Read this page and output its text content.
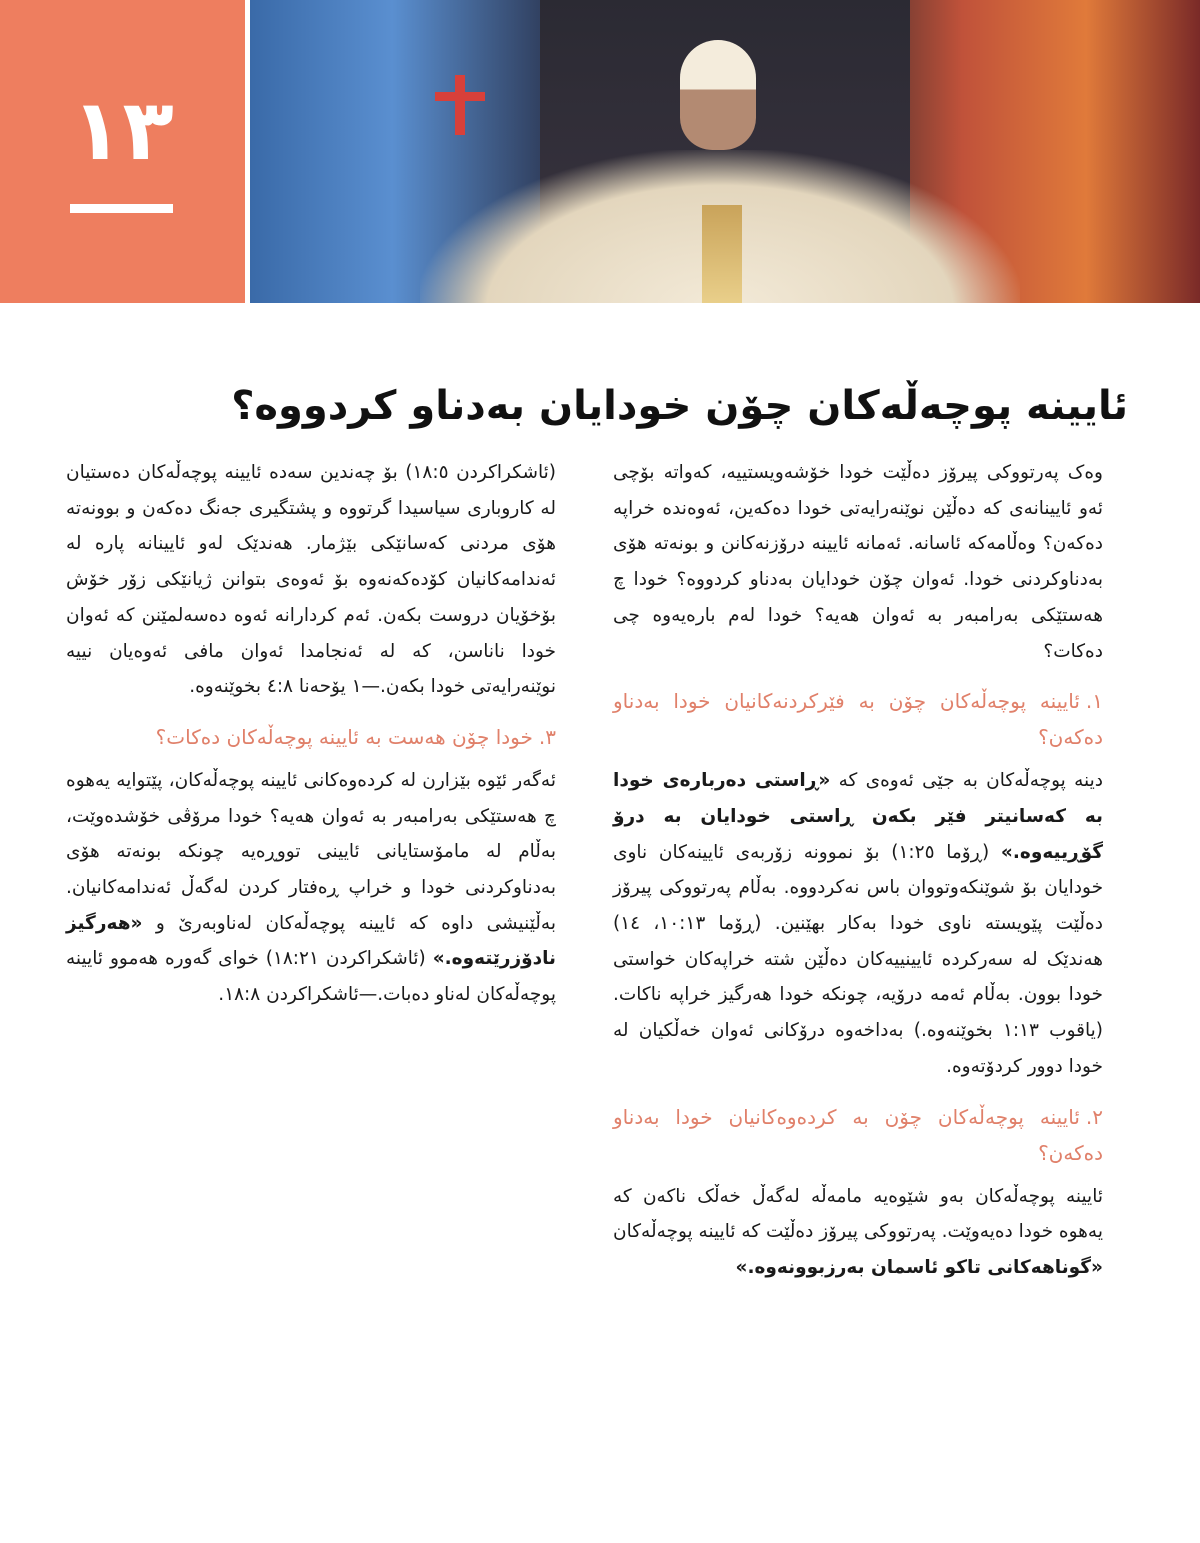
١٣
ئایینە پوچەڵەکان چۆن خودایان بەدناو کردووە؟

وەک پەرتووکی پیرۆز دەڵێت خودا خۆشەویستییە، کەواتە بۆچی ئەو ئایینانەی کە دەڵێن نوێنەرایەتی خودا دەکەین، ئەوەندە خراپە دەکەن؟ وەڵامەکە ئاسانە. ئەمانە ئایینە درۆزنەکانن و بونەتە هۆی بەدناوکردنی خودا. ئەوان چۆن خودایان بەدناو کردووە؟ خودا چ هەستێکی بەرامبەر بە ئەوان هەیە؟ خودا لەم بارەیەوە چی دەکات؟

١.ئایینە پوچەڵەکان چۆن بە فێرکردنەکانیان خودا بەدناو دەکەن؟

دینە پوچەڵەکان بە جێی ئەوەی کە «ڕاستی دەربارەی خودا بە کەسانیتر فێر بکەن ڕاستی خودایان بە درۆ گۆڕییەوە.» (ڕۆما ١:٢٥) بۆ نموونە زۆربەی ئایینەکان ناوی خودایان بۆ شوێنکەوتووان باس نەکردووە. بەڵام پەرتووکی پیرۆز دەڵێت پێویستە ناوی خودا بەکار بهێنین. (ڕۆما ١٠:١٣، ١٤) هەندێک لە سەرکردە ئایینییەکان دەڵێن شتە خراپەکان خواستی خودا بوون. بەڵام ئەمە درۆیە، چونکە خودا هەرگیز خراپە ناکات. (یاقوب ١:١٣ بخوێنەوە.) بەداخەوە درۆکانی ئەوان خەڵکیان لە خودا دوور کردۆتەوە.

٢.ئایینە پوچەڵەکان چۆن بە کردەوەکانیان خودا بەدناو دەکەن؟

ئایینە پوچەڵەکان بەو شێوەیە مامەڵە لەگەڵ خەڵک ناکەن کە یەهوە خودا دەیەوێت. پەرتووکی پیرۆز دەڵێت کە ئایینە پوچەڵەکان «گوناهەکانی تاکو ئاسمان بەرزبوونەوە.»

(ئاشکراکردن ١٨:٥) بۆ چەندین سەدە ئایینە پوچەڵەکان دەستیان لە کاروباری سیاسیدا گرتووە و پشتگیری جەنگ دەکەن و بوونەتە هۆی مردنی کەسانێکی بێژمار. هەندێک لەو ئایینانە پارە لە ئەندامەکانیان کۆدەکەنەوە بۆ ئەوەی بتوانن ژیانێکی زۆر خۆش بۆخۆیان دروست بکەن. ئەم کردارانە ئەوە دەسەلمێنن کە ئەوان خودا ناناسن، کە لە ئەنجامدا ئەوان مافی ئەوەیان نییە نوێنەرایەتی خودا بکەن.—١ یۆحەنا ٤:٨ بخوێنەوە.

٣.خودا چۆن هەست بە ئایینە پوچەڵەکان دەکات؟

ئەگەر ئێوە بێزارن لە کردەوەکانی ئایینە پوچەڵەکان، پێتوایە یەهوە چ هەستێکی بەرامبەر بە ئەوان هەیە؟ خودا مرۆڤی خۆشدەوێت، بەڵام لە مامۆستایانی ئایینی تووڕەیە چونکە بونەتە هۆی بەدناوکردنی خودا و خراپ ڕەفتار کردن لەگەڵ ئەندامەکانیان. بەڵێنیشی داوە کە ئایینە پوچەڵەکان لەناوبەرێ و «هەرگیز نادۆزرێتەوە.» (ئاشکراکردن ١٨:٢١) خوای گەورە هەموو ئایینە پوچەڵەکان لەناو دەبات.—ئاشکراکردن ١٨:٨.
